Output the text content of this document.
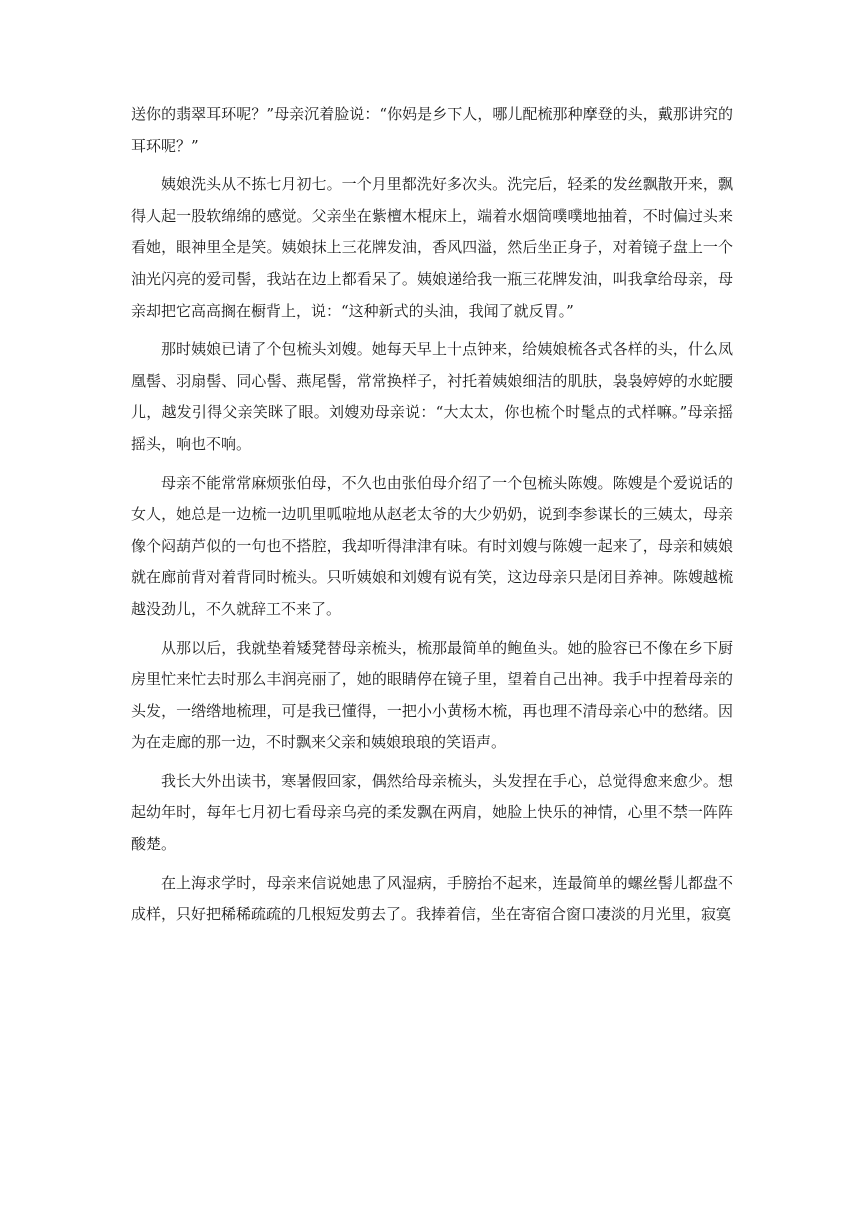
送你的翡翠耳环呢？”母亲沉着脸说：“你妈是乡下人，哪儿配梳那种摩登的头，戴那讲究的耳环呢？”

姨娘洗头从不拣七月初七。一个月里都洗好多次头。洗完后，轻柔的发丝飘散开来，飘得人起一股软绵绵的感觉。父亲坐在紫檀木棍床上，端着水烟筒噗噗地抽着，不时偏过头来看她，眼神里全是笑。姨娘抹上三花牌发油，香风四溢，然后坐正身子，对着镜子盘上一个油光闪亮的爱司髻，我站在边上都看呆了。姨娘递给我一瓶三花牌发油，叫我拿给母亲，母亲却把它高高搁在橱背上，说：“这种新式的头油，我闻了就反胃。”

那时姨娘已请了个包梳头刘嫂。她每天早上十点钟来，给姨娘梳各式各样的头，什么凤凰髻、羽扇髻、同心髻、燕尾髻，常常换样子，衬托着姨娘细洁的肌肤，袅袅婷婷的水蛇腰儿，越发引得父亲笑眯了眼。刘嫂劝母亲说：“大太太，你也梳个时髦点的式样嘛。”母亲摇摇头，响也不响。

母亲不能常常麻烦张伯母，不久也由张伯母介绍了一个包梳头陈嫂。陈嫂是个爱说话的女人，她总是一边梳一边叽里呱啦地从赵老太爷的大少奶奶，说到李参谋长的三姨太，母亲像个闷葫芦似的一句也不搭腔，我却听得津津有味。有时刘嫂与陈嫂一起来了，母亲和姨娘就在廊前背对着背同时梳头。只听姨娘和刘嫂有说有笑，这边母亲只是闭目养神。陈嫂越梳越没劲儿，不久就辞工不来了。

从那以后，我就垫着矮凳替母亲梳头，梳那最简单的鲍鱼头。她的脸容已不像在乡下厨房里忙来忙去时那么丰润亮丽了，她的眼睛停在镜子里，望着自己出神。我手中捏着母亲的头发，一绺绺地梳理，可是我已懂得，一把小小黄杨木梳，再也理不清母亲心中的愁绪。因为在走廊的那一边，不时飘来父亲和姨娘琅琅的笑语声。

我长大外出读书，寒暑假回家，偶然给母亲梳头，头发捏在手心，总觉得愈来愈少。想起幼年时，每年七月初七看母亲乌亮的柔发飘在两肩，她脸上快乐的神情，心里不禁一阵阵酸楚。

在上海求学时，母亲来信说她患了风湿病，手膀抬不起来，连最简单的螺丝髻儿都盘不成样，只好把稀稀疏疏的几根短发剪去了。我捧着信，坐在寄宿合窗口凄淡的月光里，寂寞
